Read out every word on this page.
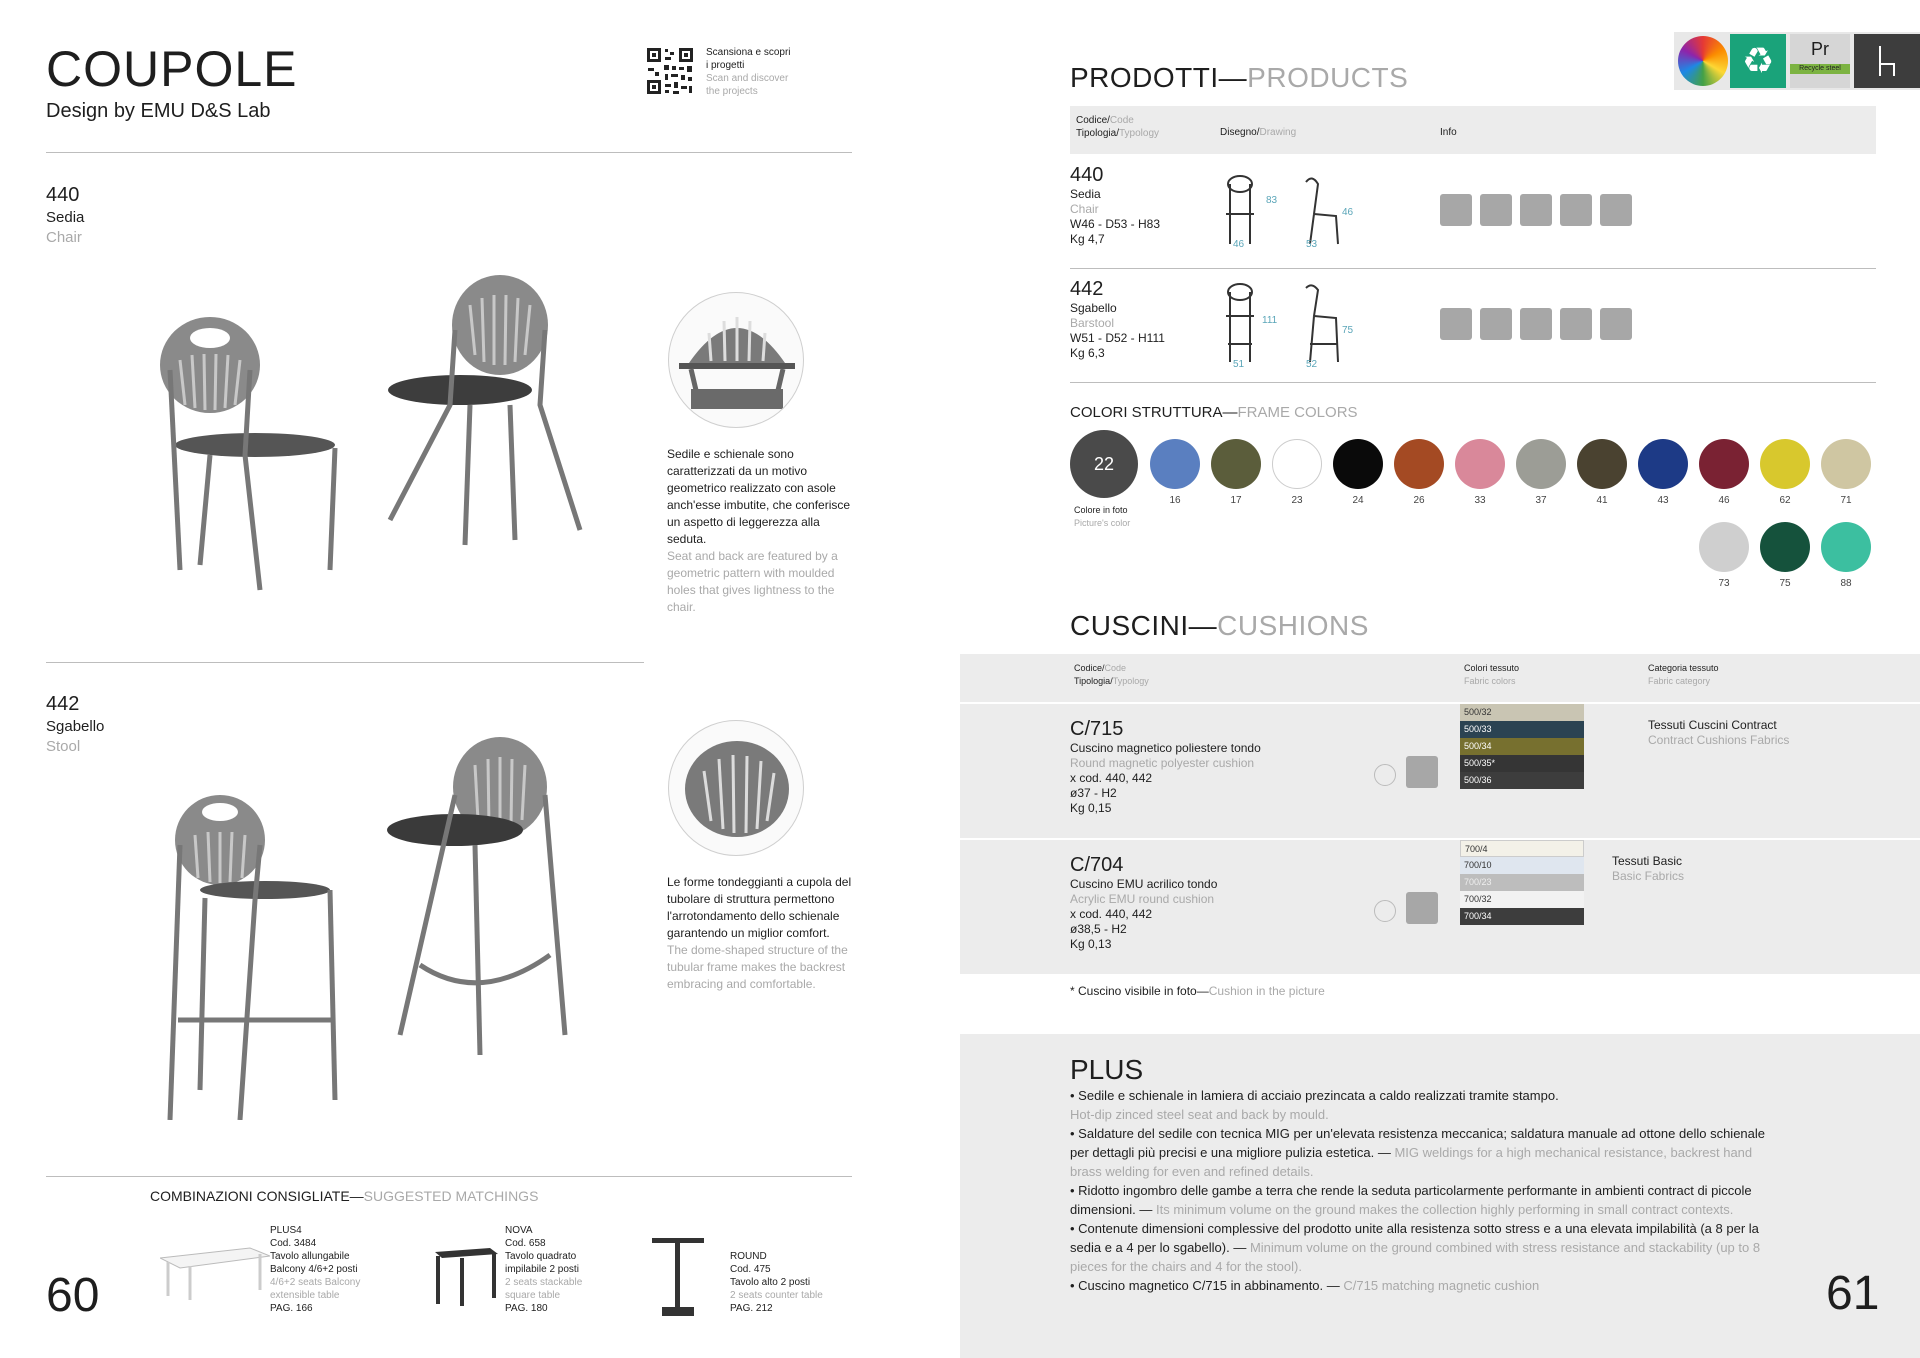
COUPOLE
Design by EMU D&S Lab
Scansiona e scopri
i progetti
Scan and discover
the projects
440
Sedia
Chair
Sedile e schienale sono caratterizzati da un motivo geometrico realizzato con asole anch'esse imbutite, che conferisce un aspetto di leggerezza alla seduta.
Seat and back are featured by a geometric pattern with moulded holes that gives lightness to the chair.
442
Sgabello
Stool
Le forme tondeggianti a cupola del tubolare di struttura permettono l'arrotondamento dello schienale garantendo un miglior comfort.
The dome-shaped structure of the tubular frame makes the backrest embracing and comfortable.
COMBINAZIONI CONSIGLIATE—SUGGESTED MATCHINGS
PLUS4
Cod. 3484
Tavolo allungabile Balcony 4/6+2 posti
4/6+2 seats Balcony extensible table
PAG. 166
NOVA
Cod. 658
Tavolo quadrato impilabile 2 posti
2 seats stackable square table
PAG. 180
ROUND
Cod. 475
Tavolo alto 2 posti
2 seats counter table
PAG. 212
60
♻	Pr
Recycle steel
PRODOTTI—PRODUCTS
Codice/Code
Tipologia/Typology	Disegno/Drawing	Info
440
Sedia
Chair
W46 - D53 - H83
Kg 4,7
83
46
46
53
442
Sgabello
Barstool
W51 - D52 - H111
Kg 6,3
111
51
75
52
COLORI STRUTTURA—FRAME COLORS
22
Colore in foto
Picture's color
16	17	23	24	26	33	37	41	43	46	62	71
73	75	88
CUSCINI—CUSHIONS
Codice/Code
Tipologia/Typology
Colori tessuto
Fabric colors
Categoria tessuto
Fabric category
C/715
Cuscino magnetico poliestere tondo
Round magnetic polyester cushion
x cod. 440, 442
ø37 - H2
Kg 0,15
500/32
500/33
500/34
500/35*
500/36
Tessuti Cuscini Contract
Contract Cushions Fabrics
C/704
Cuscino EMU acrilico tondo
Acrylic EMU round cushion
x cod. 440, 442
ø38,5 - H2
Kg 0,13
700/4
700/10
700/23
700/32
700/34
Tessuti Basic
Basic Fabrics
* Cuscino visibile in foto—Cushion in the picture
PLUS
• Sedile e schienale in lamiera di acciaio prezincata a caldo realizzati tramite stampo.
Hot-dip zinced steel seat and back by mould.
• Saldature del sedile con tecnica MIG per un'elevata resistenza meccanica; saldatura manuale ad ottone dello schienale per dettagli più precisi e una migliore pulizia estetica. — MIG weldings for a high mechanical resistance, backrest hand brass welding for even and refined details.
• Ridotto ingombro delle gambe a terra che rende la seduta particolarmente performante in ambienti contract di piccole dimensioni. — Its minimum volume on the ground makes the collection highly performing in small contract contexts.
• Contenute dimensioni complessive del prodotto unite alla resistenza sotto stress e a una elevata impilabilità (a 8 per la sedia e a 4 per lo sgabello). — Minimum volume on the ground combined with stress resistance and stackability (up to 8 pieces for the chairs and 4 for the stool).
• Cuscino magnetico C/715 in abbinamento. — C/715 matching magnetic cushion	61
